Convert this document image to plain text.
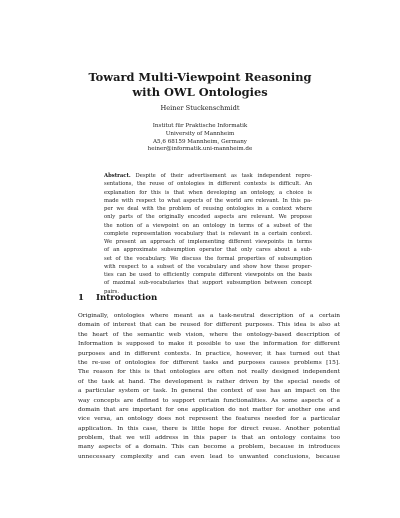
Toward Multi-Viewpoint Reasoning
with OWL Ontologies
Heiner Stuckenschmidt
Institut für Praktische Informatik
University of Mannheim
A5,6 68159 Mannheim, Germany
heiner@informatik.uni-mannheim.de
Abstract. Despite of their advertisement as task independent repre-
sentations, the reuse of ontologies in different contexts is difficult. An
explanation for this is that when developing an ontology, a choice is
made with respect to what aspects of the world are relevant. In this pa-
per we deal with the problem of reusing ontologies in a context where
only parts of the originally encoded aspects are relevant. We propose
the notion of a viewpoint on an ontology in terms of a subset of the
complete representation vocabulary that is relevant in a certain context.
We present an approach of implementing different viewpoints in terms
of an approximate subsumption operator that only cares about a sub-
set of the vocabulary. We discuss the formal properties of subsumption
with respect to a subset of the vocabulary and show how these proper-
ties can be used to efficiently compute different viewpoints on the basis
of maximal sub-vocabularies that support subsumption between concept
pairs.
1 Introduction
Originally, ontologies where meant as a task-neutral description of a certain
domain of interest that can be reused for different purposes. This idea is also at
the heart of the semantic web vision, where the ontology-based description of
Information is supposed to make it possible to use the information for different
purposes and in different contexts. In practice, however, it has turned out that
the re-use of ontologies for different tasks and purposes causes problems [15].
The reason for this is that ontologies are often not really designed independent
of the task at hand. The development is rather driven by the special needs of
a particular system or task. In general the context of use has an impact on the
way concepts are defined to support certain functionalities. As some aspects of a
domain that are important for one application do not matter for another one and
vice versa, an ontology does not represent the features needed for a particular
application. In this case, there is little hope for direct reuse. Another potential
problem, that we will address in this paper is that an ontology contains too
many aspects of a domain. This can become a problem, because in introduces
unnecessary complexity and can even lead to unwanted conclusions, because
